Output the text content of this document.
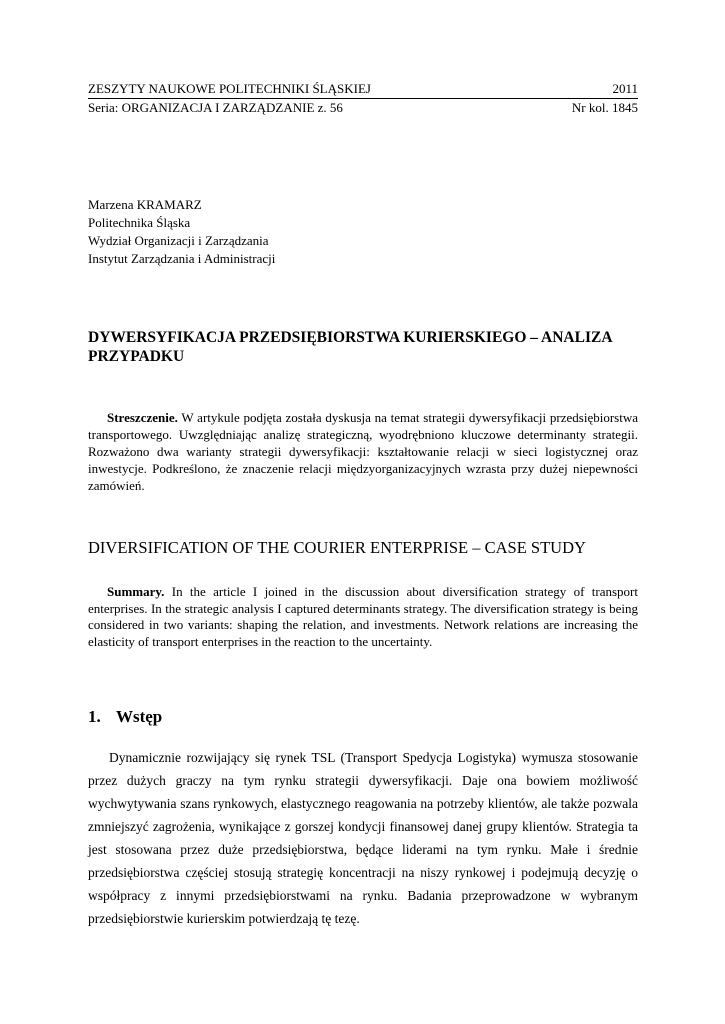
ZESZYTY NAUKOWE POLITECHNIKI ŚLĄSKIEJ	2011
Seria: ORGANIZACJA I ZARZĄDZANIE z. 56	Nr kol. 1845
Marzena KRAMARZ
Politechnika Śląska
Wydział Organizacji i Zarządzania
Instytut Zarządzania i Administracji
DYWERSYFIKACJA PRZEDSIĘBIORSTWA KURIERSKIEGO – ANALIZA PRZYPADKU
Streszczenie. W artykule podjęta została dyskusja na temat strategii dywersyfikacji przedsiębiorstwa transportowego. Uwzględniając analizę strategiczną, wyodrębniono kluczowe determinanty strategii. Rozważono dwa warianty strategii dywersyfikacji: kształtowanie relacji w sieci logistycznej oraz inwestycje. Podkreślono, że znaczenie relacji międzyorganizacyjnych wzrasta przy dużej niepewności zamówień.
DIVERSIFICATION OF THE COURIER ENTERPRISE – CASE STUDY
Summary. In the article I joined in the discussion about diversification strategy of transport enterprises. In the strategic analysis I captured determinants strategy. The diversification strategy is being considered in two variants: shaping the relation, and investments. Network relations are increasing the elasticity of transport enterprises in the reaction to the uncertainty.
1. Wstęp

Dynamicznie rozwijający się rynek TSL (Transport Spedycja Logistyka) wymusza stosowanie przez dużych graczy na tym rynku strategii dywersyfikacji. Daje ona bowiem możliwość wychwytywania szans rynkowych, elastycznego reagowania na potrzeby klientów, ale także pozwala zmniejszyć zagrożenia, wynikające z gorszej kondycji finansowej danej grupy klientów. Strategia ta jest stosowana przez duże przedsiębiorstwa, będące liderami na tym rynku. Małe i średnie przedsiębiorstwa częściej stosują strategię koncentracji na niszy rynkowej i podejmują decyzję o współpracy z innymi przedsiębiorstwami na rynku. Badania przeprowadzone w wybranym przedsiębiorstwie kurierskim potwierdzają tę tezę.
